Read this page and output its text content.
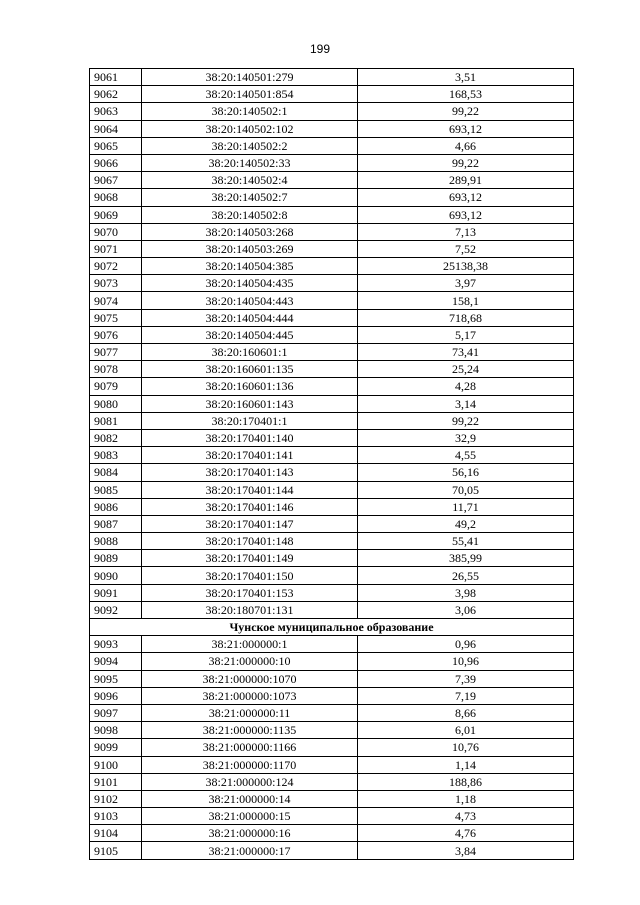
199
9061	38:20:140501:279	3,51
9062	38:20:140501:854	168,53
9063	38:20:140502:1	99,22
9064	38:20:140502:102	693,12
9065	38:20:140502:2	4,66
9066	38:20:140502:33	99,22
9067	38:20:140502:4	289,91
9068	38:20:140502:7	693,12
9069	38:20:140502:8	693,12
9070	38:20:140503:268	7,13
9071	38:20:140503:269	7,52
9072	38:20:140504:385	25138,38
9073	38:20:140504:435	3,97
9074	38:20:140504:443	158,1
9075	38:20:140504:444	718,68
9076	38:20:140504:445	5,17
9077	38:20:160601:1	73,41
9078	38:20:160601:135	25,24
9079	38:20:160601:136	4,28
9080	38:20:160601:143	3,14
9081	38:20:170401:1	99,22
9082	38:20:170401:140	32,9
9083	38:20:170401:141	4,55
9084	38:20:170401:143	56,16
9085	38:20:170401:144	70,05
9086	38:20:170401:146	11,71
9087	38:20:170401:147	49,2
9088	38:20:170401:148	55,41
9089	38:20:170401:149	385,99
9090	38:20:170401:150	26,55
9091	38:20:170401:153	3,98
9092	38:20:180701:131	3,06
Чунское муниципальное образование		
9093	38:21:000000:1	0,96
9094	38:21:000000:10	10,96
9095	38:21:000000:1070	7,39
9096	38:21:000000:1073	7,19
9097	38:21:000000:11	8,66
9098	38:21:000000:1135	6,01
9099	38:21:000000:1166	10,76
9100	38:21:000000:1170	1,14
9101	38:21:000000:124	188,86
9102	38:21:000000:14	1,18
9103	38:21:000000:15	4,73
9104	38:21:000000:16	4,76
9105	38:21:000000:17	3,84
